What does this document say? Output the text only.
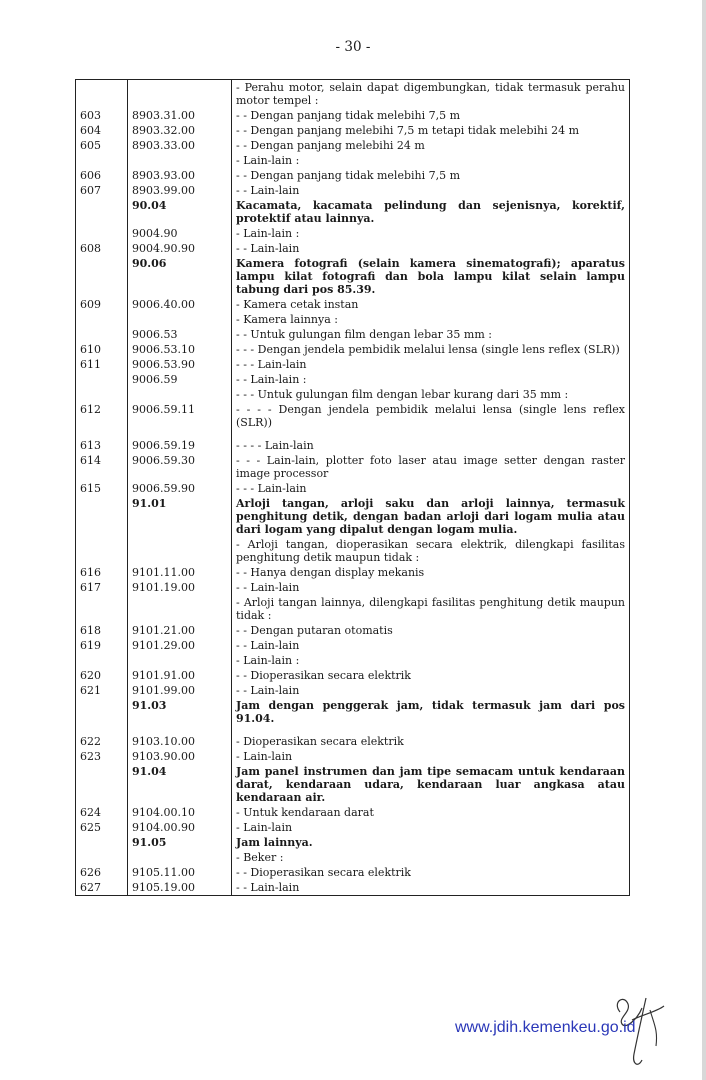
- 30 -
		- Perahu motor, selain dapat digembungkan, tidak termasuk perahu motor tempel :
603	8903.31.00	- - Dengan panjang tidak melebihi 7,5 m
604	8903.32.00	- - Dengan panjang melebihi 7,5 m tetapi tidak melebihi 24 m
605	8903.33.00	- - Dengan panjang melebihi 24 m
		- Lain-lain :
606	8903.93.00	- - Dengan panjang tidak melebihi 7,5 m
607	8903.99.00	- - Lain-lain
	90.04	Kacamata, kacamata pelindung dan sejenisnya, korektif, protektif atau lainnya.
	9004.90	- Lain-lain :
608	9004.90.90	- - Lain-lain
	90.06	Kamera fotografi (selain kamera sinematografi); aparatus lampu kilat fotografi dan bola lampu kilat selain lampu tabung dari pos 85.39.
609	9006.40.00	- Kamera cetak instan
		- Kamera lainnya :
	9006.53	- - Untuk gulungan film dengan lebar 35 mm :
610	9006.53.10	- - - Dengan jendela pembidik melalui lensa (single lens reflex (SLR))
611	9006.53.90	- - - Lain-lain
	9006.59	- - Lain-lain :
		- - - Untuk gulungan film dengan lebar kurang dari 35 mm :
612	9006.59.11	- - - - Dengan jendela pembidik melalui lensa (single lens reflex (SLR))
613	9006.59.19	- - - - Lain-lain
614	9006.59.30	- - - Lain-lain, plotter foto laser atau image setter dengan raster image processor
615	9006.59.90	- - - Lain-lain
	91.01	Arloji tangan, arloji saku dan arloji lainnya, termasuk penghitung detik, dengan badan arloji dari logam mulia atau dari logam yang dipalut dengan logam mulia.
		- Arloji tangan, dioperasikan secara elektrik, dilengkapi fasilitas penghitung detik maupun tidak :
616	9101.11.00	- - Hanya dengan display mekanis
617	9101.19.00	- - Lain-lain
		- Arloji tangan lainnya, dilengkapi fasilitas penghitung detik maupun tidak :
618	9101.21.00	- - Dengan putaran otomatis
619	9101.29.00	- - Lain-lain
		- Lain-lain :
620	9101.91.00	- - Dioperasikan secara elektrik
621	9101.99.00	- - Lain-lain
	91.03	Jam dengan penggerak jam, tidak termasuk jam dari pos 91.04.
622	9103.10.00	- Dioperasikan secara elektrik
623	9103.90.00	- Lain-lain
	91.04	Jam panel instrumen dan jam tipe semacam untuk kendaraan darat, kendaraan udara, kendaraan luar angkasa atau kendaraan air.
624	9104.00.10	- Untuk kendaraan darat
625	9104.00.90	- Lain-lain
	91.05	Jam lainnya.
		- Beker :
626	9105.11.00	- - Dioperasikan secara elektrik
627	9105.19.00	- - Lain-lain
www.jdih.kemenkeu.go.id
